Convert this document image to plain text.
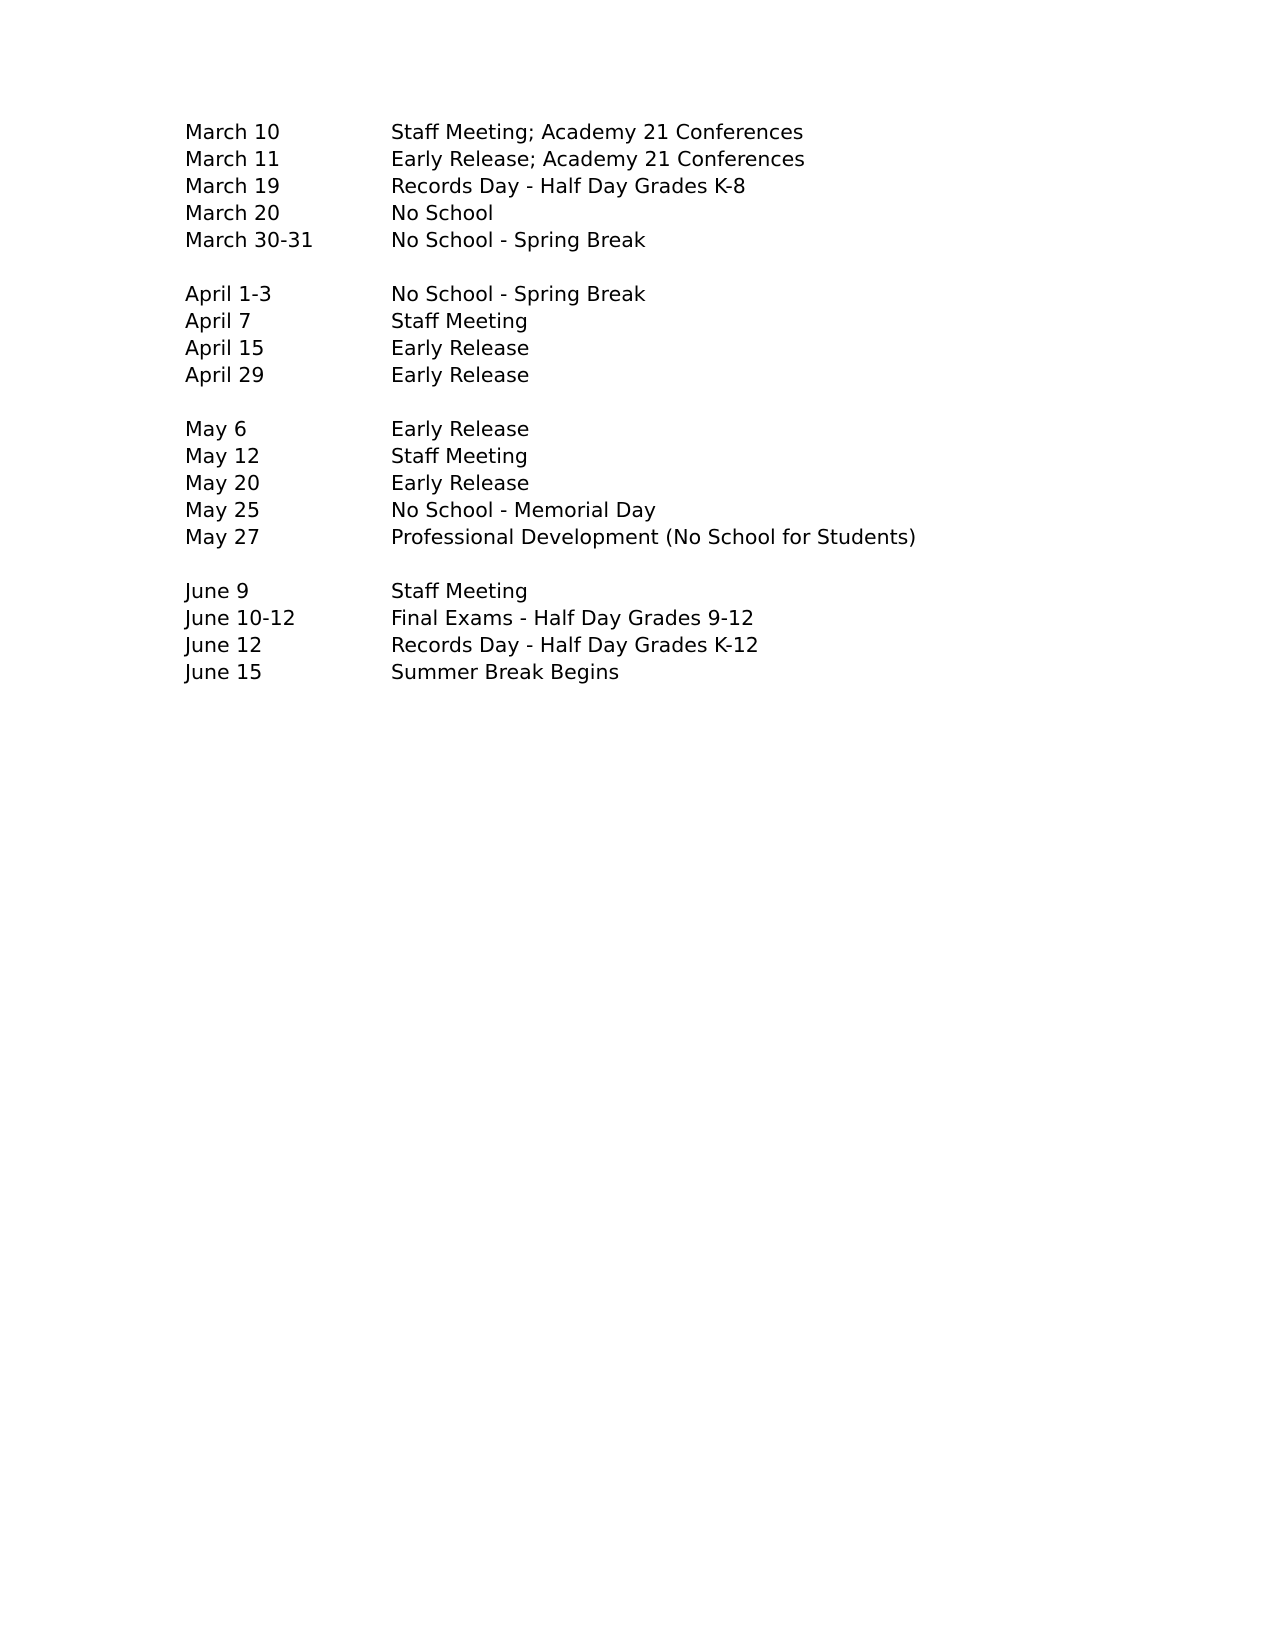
March 10	Staff Meeting; Academy 21 Conferences
March 11	Early Release; Academy 21 Conferences
March 19	Records Day - Half Day Grades K-8
March 20	No School
March 30-31	No School - Spring Break
April 1-3	No School - Spring Break
April 7	Staff Meeting
April 15	Early Release
April 29	Early Release
May 6	Early Release
May 12	Staff Meeting
May 20	Early Release
May 25	No School - Memorial Day
May 27	Professional Development (No School for Students)
June 9	Staff Meeting
June 10-12	Final Exams - Half Day Grades 9-12
June 12	Records Day - Half Day Grades K-12
June 15	Summer Break Begins
